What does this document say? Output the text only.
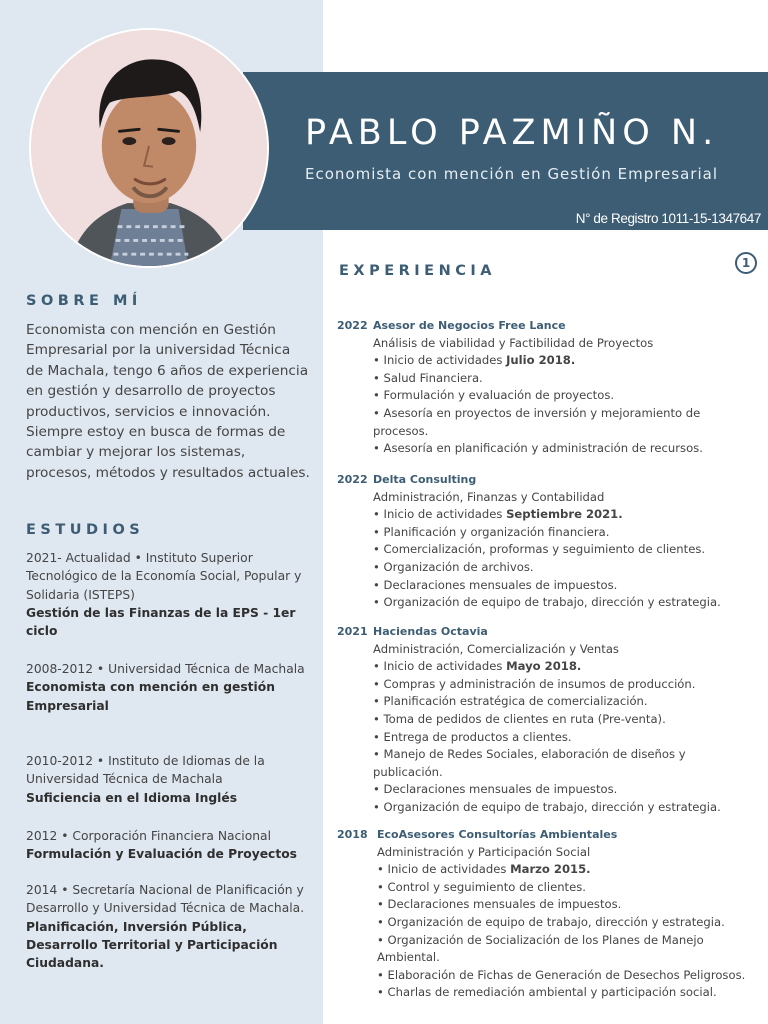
PABLO PAZMIÑO N.
Economista con mención en Gestión Empresarial
N° de Registro 1011-15-1347647
1
SOBRE MÍ
Economista con mención en Gestión Empresarial por la universidad Técnica de Machala, tengo 6 años de experiencia en gestión y desarrollo de proyectos productivos, servicios e innovación. Siempre estoy en busca de formas de cambiar y mejorar los sistemas, procesos, métodos y resultados actuales.
ESTUDIOS
2021- Actualidad • Instituto Superior Tecnológico de la Economía Social, Popular y Solidaria (ISTEPS)
Gestión de las Finanzas de la EPS - 1er ciclo
2008-2012 • Universidad Técnica de Machala
Economista con mención en gestión Empresarial
2010-2012 • Instituto de Idiomas de la Universidad Técnica de Machala
Suficiencia en el Idioma Inglés
2012 • Corporación Financiera Nacional
Formulación y Evaluación de Proyectos
2014 • Secretaría Nacional de Planificación y Desarrollo y Universidad Técnica de Machala.
Planificación, Inversión Pública, Desarrollo Territorial y Participación Ciudadana.
EXPERIENCIA
2022 Asesor de Negocios Free Lance
Análisis de viabilidad y Factibilidad de Proyectos
• Inicio de actividades Julio 2018.
• Salud Financiera.
• Formulación y evaluación de proyectos.
• Asesoría en proyectos de inversión y mejoramiento de procesos.
• Asesoría en planificación y administración de recursos.
2022 Delta Consulting
Administración, Finanzas y Contabilidad
• Inicio de actividades Septiembre 2021.
• Planificación y organización financiera.
• Comercialización, proformas y seguimiento de clientes.
• Organización de archivos.
• Declaraciones mensuales de impuestos.
• Organización de equipo de trabajo, dirección y estrategia.
2021 Haciendas Octavia
Administración, Comercialización y Ventas
• Inicio de actividades Mayo 2018.
• Compras y administración de insumos de producción.
• Planificación estratégica de comercialización.
• Toma de pedidos de clientes en ruta (Pre-venta).
• Entrega de productos a clientes.
• Manejo de Redes Sociales, elaboración de diseños y publicación.
• Declaraciones mensuales de impuestos.
• Organización de equipo de trabajo, dirección y estrategia.
2018 EcoAsesores Consultorías Ambientales
Administración y Participación Social
• Inicio de actividades Marzo 2015.
• Control y seguimiento de clientes.
• Declaraciones mensuales de impuestos.
• Organización de equipo de trabajo, dirección y estrategia.
• Organización de Socialización de los Planes de Manejo Ambiental.
• Elaboración de Fichas de Generación de Desechos Peligrosos.
• Charlas de remediación ambiental y participación social.
